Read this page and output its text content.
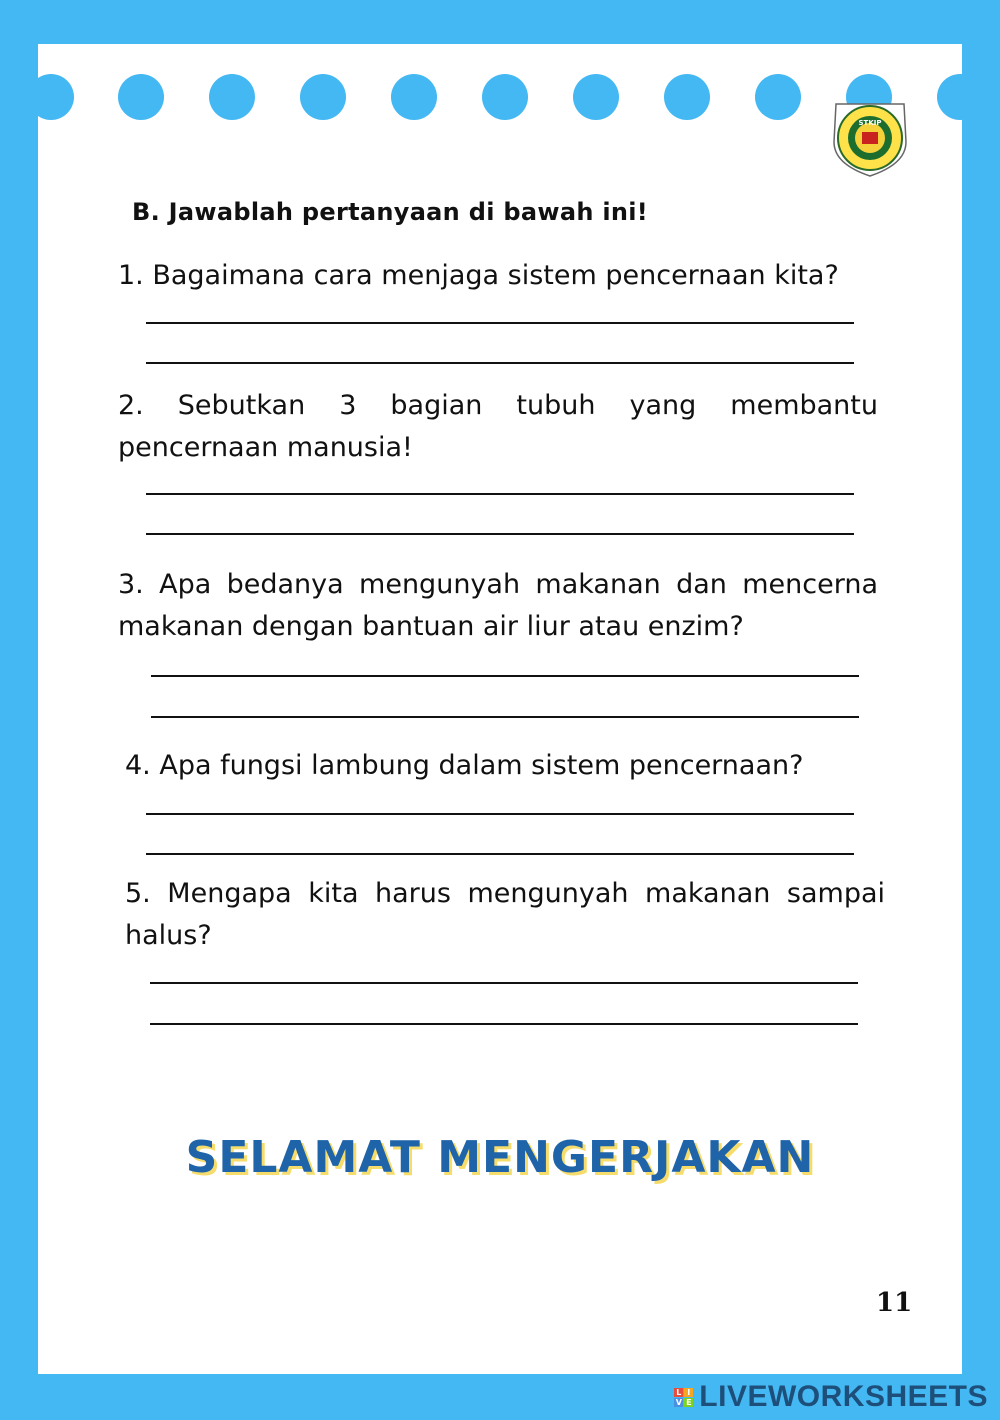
STKIP
B. Jawablah pertanyaan di bawah ini!
1. Bagaimana cara menjaga sistem pencernaan kita?
2. Sebutkan 3 bagian tubuh yang membantu pencernaan manusia!
3. Apa bedanya mengunyah makanan dan mencerna makanan dengan bantuan air liur atau enzim?
4. Apa fungsi lambung dalam sistem pencernaan?
5. Mengapa kita harus mengunyah makanan sampai halus?
SELAMAT MENGERJAKAN
11
L I
V E LIVEWORKSHEETS
